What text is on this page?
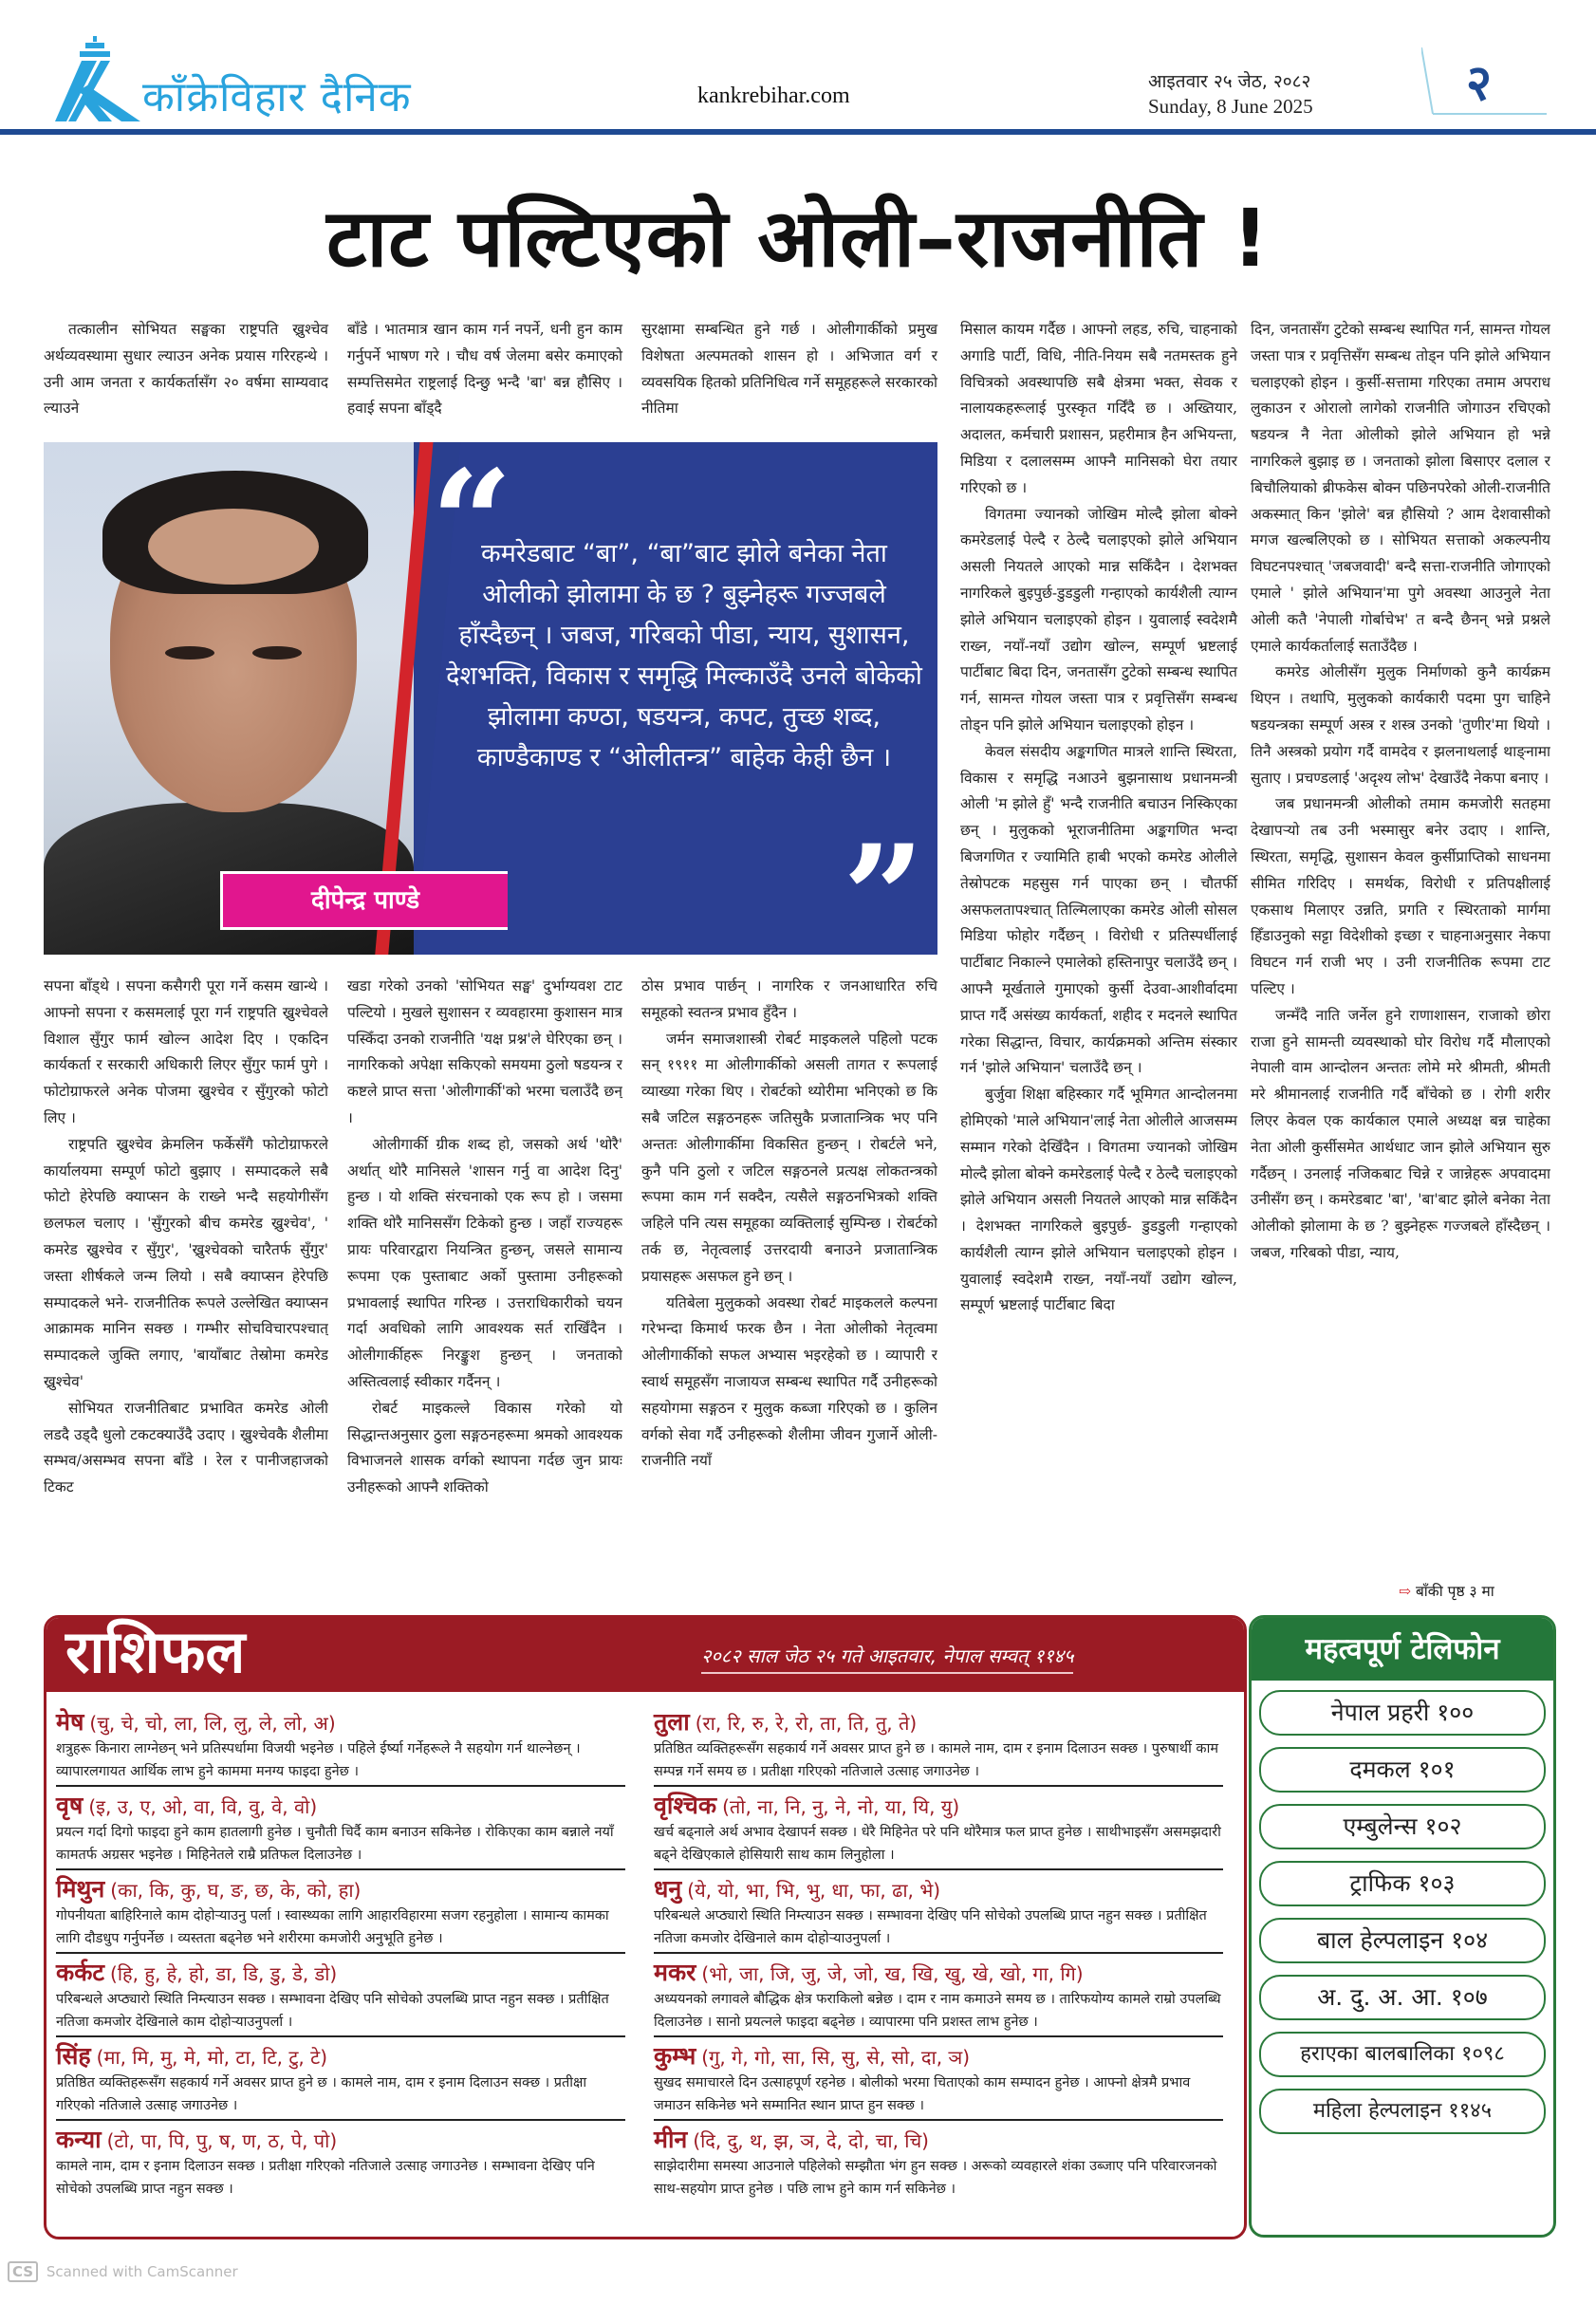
काँक्रेविहार दैनिक	kankrebihar.com
आइतवार २५ जेठ, २०८२
Sunday, 8 June 2025	२
टाट पल्टिएको ओली–राजनीति !

तत्कालीन सोभियत सङ्घका राष्ट्रपति ख्रुश्चेव अर्थव्यवस्थामा सुधार ल्याउन अनेक प्रयास गरिरहन्थे । उनी आम जनता र कार्यकर्तासँग २० वर्षमा साम्यवाद ल्याउने

बाँडे । भातमात्र खान काम गर्न नपर्ने, धनी हुन काम गर्नुपर्ने भाषण गरे । चौध वर्ष जेलमा बसेर कमाएको सम्पत्तिसमेत राष्ट्रलाई दिन्छु भन्दै 'बा' बन्न हौसिए । हवाई सपना बाँड्दै

सुरक्षामा सम्बन्धित हुने गर्छ । ओलीगार्कीको प्रमुख विशेषता अल्पमतको शासन हो । अभिजात वर्ग र व्यवसयिक हितको प्रतिनिधित्व गर्ने समूहहरूले सरकारको नीतिमा

“
कमरेडबाट “बा”, “बा”बाट झोले बनेका नेता ओलीको झोलामा के छ ? बुझ्नेहरू गज्जबले हाँस्दैछन् । जबज, गरिबको पीडा, न्याय, सुशासन, देशभक्ति, विकास र समृद्धि मिल्काउँदै उनले बोकेको झोलामा कण्ठा, षडयन्त्र, कपट, तुच्छ शब्द, काण्डैकाण्ड र “ओलीतन्त्र” बाहेक केही छैन ।
”
दीपेन्द्र पाण्डे

मिसाल कायम गर्दैछ । आफ्नो लहड, रुचि, चाहनाको अगाडि पार्टी, विधि, नीति-नियम सबै नतमस्तक हुने विचित्रको अवस्थापछि सबै क्षेत्रमा भक्त, सेवक र नालायकहरूलाई पुरस्कृत गर्दिँदै छ । अख्तियार, अदालत, कर्मचारी प्रशासन, प्रहरीमात्र हैन अभियन्ता, मिडिया र दलालसम्म आफ्नै मानिसको घेरा तयार गरिएको छ ।

विगतमा ज्यानको जोखिम मोल्दै झोला बोक्ने कमरेडलाई पेल्दै र ठेल्दै चलाइएको झोले अभियान असली नियतले आएको मान्न सकिँदैन । देशभक्त नागरिकले बुइपुर्छ-डुडडुली गन्हाएको कार्यशैली त्याग्न झोले अभियान चलाइएको होइन । युवालाई स्वदेशमै राख्न, नयाँ-नयाँ उद्योग खोल्न, सम्पूर्ण भ्रष्टलाई पार्टीबाट बिदा दिन, जनतासँग टुटेको सम्बन्ध स्थापित गर्न, सामन्त गोयल जस्ता पात्र र प्रवृत्तिसँग सम्बन्ध तोड्न पनि झोले अभियान चलाइएको होइन ।

केवल संसदीय अङ्कगणित मात्रले शान्ति स्थिरता, विकास र समृद्धि नआउने बुझनासाथ प्रधानमन्त्री ओली 'म झोले हुँ' भन्दै राजनीति बचाउन निस्किएका छन् । मुलुकको भूराजनीतिमा अङ्कगणित भन्दा बिजगणित र ज्यामिति हाबी भएको कमरेड ओलीले तेस्रोपटक महसुस गर्न पाएका छन् । चौतर्फी असफलतापश्चात् तिल्मिलाएका कमरेड ओली सोसल मिडिया फोहोर गर्दैछन् । विरोधी र प्रतिस्पर्धीलाई पार्टीबाट निकाल्ने एमालेको हस्तिनापुर चलाउँदै छन् । आफ्नै मूर्खताले गुमाएको कुर्सी देउवा-आशीर्वादमा प्राप्त गर्दै असंख्य कार्यकर्ता, शहीद र मदनले स्थापित गरेका सिद्धान्त, विचार, कार्यक्रमको अन्तिम संस्कार गर्न 'झोले अभियान' चलाउँदै छन् ।

बुर्जुवा शिक्षा बहिस्कार गर्दै भूमिगत आन्दोलनमा होमिएको 'माले अभियान'लाई नेता ओलीले आजसम्म सम्मान गरेको देखिँदैन । विगतमा ज्यानको जोखिम मोल्दै झोला बोक्ने कमरेडलाई पेल्दै र ठेल्दै चलाइएको झोले अभियान असली नियतले आएको मान्न सकिँदैन । देशभक्त नागरिकले बुइपुर्छ- डुडडुली गन्हाएको कार्यशैली त्याग्न झोले अभियान चलाइएको होइन । युवालाई स्वदेशमै राख्न, नयाँ-नयाँ उद्योग खोल्न, सम्पूर्ण भ्रष्टलाई पार्टीबाट बिदा

दिन, जनतासँग टुटेको सम्बन्ध स्थापित गर्न, सामन्त गोयल जस्ता पात्र र प्रवृत्तिसँग सम्बन्ध तोड्न पनि झोले अभियान चलाइएको होइन । कुर्सी-सत्तामा गरिएका तमाम अपराध लुकाउन र ओरालो लागेको राजनीति जोगाउन रचिएको षडयन्त्र नै नेता ओलीको झोले अभियान हो भन्ने नागरिकले बुझाइ छ । जनताको झोला बिसाएर दलाल र बिचौलियाको ब्रीफकेस बोक्न पछिनपरेको ओली-राजनीति अकस्मात् किन 'झोले' बन्न हौसियो ? आम देशवासीको मगज खल्बलिएको छ । सोभियत सत्ताको अकल्पनीय विघटनपश्चात् 'जबजवादी' बन्दै सत्ता-राजनीति जोगाएको एमाले ' झोले अभियान'मा पुगे अवस्था आउनुले नेता ओली कतै 'नेपाली गोर्बाचेभ' त बन्दै छैनन् भन्ने प्रश्नले एमाले कार्यकर्तालाई सताउँदैछ ।

कमरेड ओलीसँग मुलुक निर्माणको कुनै कार्यक्रम थिएन । तथापि, मुलुकको कार्यकारी पदमा पुग चाहिने षडयन्त्रका सम्पूर्ण अस्त्र र शस्त्र उनको 'तुणीर'मा थियो । तिनै अस्त्रको प्रयोग गर्दै वामदेव र झलनाथलाई थाङ्नामा सुताए । प्रचण्डलाई 'अदृश्य लोभ' देखाउँदै नेकपा बनाए ।

जब प्रधानमन्त्री ओलीको तमाम कमजोरी सतहमा देखापर्‍यो तब उनी भस्मासुर बनेर उदाए । शान्ति, स्थिरता, समृद्धि, सुशासन केवल कुर्सीप्राप्तिको साधनमा सीमित गरिदिए । समर्थक, विरोधी र प्रतिपक्षीलाई एकसाथ मिलाएर उन्नति, प्रगति र स्थिरताको मार्गमा हिँडाउनुको सट्टा विदेशीको इच्छा र चाहनाअनुसार नेकपा विघटन गर्न राजी भए । उनी राजनीतिक रूपमा टाट पल्टिए ।

जन्मँदै नाति जर्नेल हुने राणाशासन, राजाको छोरा राजा हुने सामन्ती व्यवस्थाको घोर विरोध गर्दै मौलाएको नेपाली वाम आन्दोलन अन्ततः लोमे मरे श्रीमती, श्रीमती मरे श्रीमानलाई राजनीति गर्दै बाँचेको छ । रोगी शरीर लिएर केवल एक कार्यकाल एमाले अध्यक्ष बन्न चाहेका नेता ओली कुर्सीसमेत आर्थधाट जान झोले अभियान सुरु गर्दैछन् । उनलाई नजिकबाट चिन्ने र जान्नेहरू अपवादमा उनीसँग छन् । कमरेडबाट 'बा', 'बा'बाट झोले बनेका नेता ओलीको झोलामा के छ ? बुझ्नेहरू गज्जबले हाँस्दैछन् । जबज, गरिबको पीडा, न्याय,

⇨ बाँकी पृष्ठ ३ मा

सपना बाँड्थे । सपना कसैगरी पूरा गर्ने कसम खान्थे । आफ्नो सपना र कसमलाई पूरा गर्न राष्ट्रपति ख्रुश्चेवले विशाल सुँगुर फार्म खोल्न आदेश दिए । एकदिन कार्यकर्ता र सरकारी अधिकारी लिएर सुँगुर फार्म पुगे । फोटोग्राफरले अनेक पोजमा ख्रुश्चेव र सुँगुरको फोटो लिए ।

राष्ट्रपति ख्रुश्चेव क्रेमलिन फर्केसँगै फोटोग्राफरले कार्यालयमा सम्पूर्ण फोटो बुझाए । सम्पादकले सबै फोटो हेरेपछि क्याप्सन के राख्ने भन्दै सहयोगीसँग छलफल चलाए । 'सुँगुरको बीच कमरेड ख्रुश्चेव', ' कमरेड ख्रुश्चेव र सुँगुर', 'ख्रुश्चेवको चारैतर्फ सुँगुर' जस्ता शीर्षकले जन्म लियो । सबै क्याप्सन हेरेपछि सम्पादकले भने- राजनीतिक रूपले उल्लेखित क्याप्सन आक्रामक मानिन सक्छ । गम्भीर सोचविचारपश्चात् सम्पादकले जुक्ति लगाए, 'बायाँबाट तेस्रोमा कमरेड ख्रुश्चेव'

सोभियत राजनीतिबाट प्रभावित कमरेड ओली लडदै उड्दै धुलो टकटक्याउँदै उदाए । ख्रुश्चेवकै शैलीमा सम्भव/असम्भव सपना बाँडे । रेल र पानीजहाजको टिकट

खडा गरेको उनको 'सोभियत सङ्घ' दुर्भाग्यवश टाट पल्टियो । मुखले सुशासन र व्यवहारमा कुशासन मात्र पस्किँदा उनको राजनीति 'यक्ष प्रश्न'ले घेरिएका छन् । नागरिकको अपेक्षा सकिएको समयमा ठुलो षडयन्त्र र कष्टले प्राप्त सत्ता 'ओलीगार्की'को भरमा चलाउँदै छन् ।

ओलीगार्की ग्रीक शब्द हो, जसको अर्थ 'थोरै' अर्थात् थोरै मानिसले 'शासन गर्नु वा आदेश दिनु' हुन्छ । यो शक्ति संरचनाको एक रूप हो । जसमा शक्ति थोरै मानिससँग टिकेको हुन्छ । जहाँ राज्यहरू प्रायः परिवारद्वारा नियन्त्रित हुन्छन्, जसले सामान्य रूपमा एक पुस्ताबाट अर्को पुस्तामा उनीहरूको प्रभावलाई स्थापित गरिन्छ । उत्तराधिकारीको चयन गर्दा अवधिको लागि आवश्यक सर्त राखिँदैन । ओलीगार्कीहरू निरङ्कुश हुन्छन् । जनताको अस्तित्वलाई स्वीकार गर्दैनन् ।

रोबर्ट माइकल्ले विकास गरेको यो सिद्धान्तअनुसार ठुला सङ्गठनहरूमा श्रमको आवश्यक विभाजनले शासक वर्गको स्थापना गर्दछ जुन प्रायः उनीहरूको आफ्नै शक्तिको

ठोस प्रभाव पार्छन् । नागरिक र जनआधारित रुचि समूहको स्वतन्त्र प्रभाव हुँदैन ।

जर्मन समाजशास्त्री रोबर्ट माइकलले पहिलो पटक सन् १९११ मा ओलीगार्कीको असली तागत र रूपलाई व्याख्या गरेका थिए । रोबर्टको थ्योरीमा भनिएको छ कि सबै जटिल सङ्गठनहरू जतिसुकै प्रजातान्त्रिक भए पनि अन्ततः ओलीगार्कीमा विकसित हुन्छन् । रोबर्टले भने, कुनै पनि ठुलो र जटिल सङ्गठनले प्रत्यक्ष लोकतन्त्रको रूपमा काम गर्न सक्दैन, त्यसैले सङ्गठनभित्रको शक्ति जहिले पनि त्यस समूहका व्यक्तिलाई सुम्पिन्छ । रोबर्टको तर्क छ, नेतृत्वलाई उत्तरदायी बनाउने प्रजातान्त्रिक प्रयासहरू असफल हुने छन् ।

यतिबेला मुलुकको अवस्था रोबर्ट माइकलले कल्पना गरेभन्दा किमार्थ फरक छैन । नेता ओलीको नेतृत्वमा ओलीगार्कीको सफल अभ्यास भइरहेको छ । व्यापारी र स्वार्थ समूहसँग नाजायज सम्बन्ध स्थापित गर्दै उनीहरूको सहयोगमा सङ्गठन र मुलुक कब्जा गरिएको छ । कुलिन वर्गको सेवा गर्दै उनीहरूको शैलीमा जीवन गुजार्ने ओली-राजनीति नयाँ

राशिफल	२०८२ साल जेठ २५ गते आइतवार, नेपाल सम्वत् ११४५
मेष (चु, चे, चो, ला, लि, लु, ले, लो, अ)
शत्रुहरू किनारा लाग्नेछन् भने प्रतिस्पर्धामा विजयी भइनेछ । पहिले ईर्ष्या गर्नेहरूले नै सहयोग गर्न थाल्नेछन् । व्यापारलगायत आर्थिक लाभ हुने काममा मनग्य फाइदा हुनेछ ।
वृष (इ, उ, ए, ओ, वा, वि, वु, वे, वो)
प्रयत्न गर्दा दिगो फाइदा हुने काम हातलागी हुनेछ । चुनौती चिर्दै काम बनाउन सकिनेछ । रोकिएका काम बन्नाले नयाँ कामतर्फ अग्रसर भइनेछ । मिहिनेतले राम्रै प्रतिफल दिलाउनेछ ।
मिथुन (का, कि, कु, घ, ङ, छ, के, को, हा)
गोपनीयता बाहिरिनाले काम दोहोर्‍याउनु पर्ला । स्वास्थ्यका लागि आहारविहारमा सजग रहनुहोला । सामान्य कामका लागि दौडधुप गर्नुपर्नेछ । व्यस्तता बढ्नेछ भने शरीरमा कमजोरी अनुभूति हुनेछ ।
कर्कट (हि, हु, हे, हो, डा, डि, डु, डे, डो)
परिबन्धले अप्ठ्यारो स्थिति निम्त्याउन सक्छ । सम्भावना देखिए पनि सोचेको उपलब्धि प्राप्त नहुन सक्छ । प्रतीक्षित नतिजा कमजोर देखिनाले काम दोहोर्‍याउनुपर्ला ।
सिंह (मा, मि, मु, मे, मो, टा, टि, टु, टे)
प्रतिष्ठित व्यक्तिहरूसँग सहकार्य गर्ने अवसर प्राप्त हुने छ । कामले नाम, दाम र इनाम दिलाउन सक्छ । प्रतीक्षा गरिएको नतिजाले उत्साह जगाउनेछ ।
कन्या (टो, पा, पि, पु, ष, ण, ठ, पे, पो)
कामले नाम, दाम र इनाम दिलाउन सक्छ । प्रतीक्षा गरिएको नतिजाले उत्साह जगाउनेछ । सम्भावना देखिए पनि सोचेको उपलब्धि प्राप्त नहुन सक्छ ।
तुला (रा, रि, रु, रे, रो, ता, ति, तु, ते)
प्रतिष्ठित व्यक्तिहरूसँग सहकार्य गर्ने अवसर प्राप्त हुने छ । कामले नाम, दाम र इनाम दिलाउन सक्छ । पुरुषार्थी काम सम्पन्न गर्ने समय छ । प्रतीक्षा गरिएको नतिजाले उत्साह जगाउनेछ ।
वृश्चिक (तो, ना, नि, नु, ने, नो, या, यि, यु)
खर्च बढ्नाले अर्थ अभाव देखापर्न सक्छ । धेरै मिहिनेत परे पनि थोरैमात्र फल प्राप्त हुनेछ । साथीभाइसँग असमझदारी बढ्ने देखिएकाले होसियारी साथ काम लिनुहोला ।
धनु (ये, यो, भा, भि, भु, धा, फा, ढा, भे)
परिबन्धले अप्ठ्यारो स्थिति निम्त्याउन सक्छ । सम्भावना देखिए पनि सोचेको उपलब्धि प्राप्त नहुन सक्छ । प्रतीक्षित नतिजा कमजोर देखिनाले काम दोहोर्‍याउनुपर्ला ।
मकर (भो, जा, जि, जु, जे, जो, ख, खि, खु, खे, खो, गा, गि)
अध्ययनको लगावले बौद्धिक क्षेत्र फराकिलो बन्नेछ । दाम र नाम कमाउने समय छ । तारिफयोग्य कामले राम्रो उपलब्धि दिलाउनेछ । सानो प्रयत्नले फाइदा बढ्नेछ । व्यापारमा पनि प्रशस्त लाभ हुनेछ ।
कुम्भ (गु, गे, गो, सा, सि, सु, से, सो, दा, ञ)
सुखद समाचारले दिन उत्साहपूर्ण रहनेछ । बोलीको भरमा चिताएको काम सम्पादन हुनेछ । आफ्नो क्षेत्रमै प्रभाव जमाउन सकिनेछ भने सम्मानित स्थान प्राप्त हुन सक्छ ।
मीन (दि, दु, थ, झ, ञ, दे, दो, चा, चि)
साझेदारीमा समस्या आउनाले पहिलेको सम्झौता भंग हुन सक्छ । अरूको व्यवहारले शंका उब्जाए पनि परिवारजनको साथ-सहयोग प्राप्त हुनेछ । पछि लाभ हुने काम गर्न सकिनेछ ।
महत्वपूर्ण टेलिफोन
नेपाल प्रहरी १००
दमकल १०१
एम्बुलेन्स १०२
ट्राफिक १०३
बाल हेल्पलाइन १०४
अ. दु. अ. आ. १०७
हराएका बालबालिका १०९८
महिला हेल्पलाइन ११४५
CS Scanned with CamScanner
